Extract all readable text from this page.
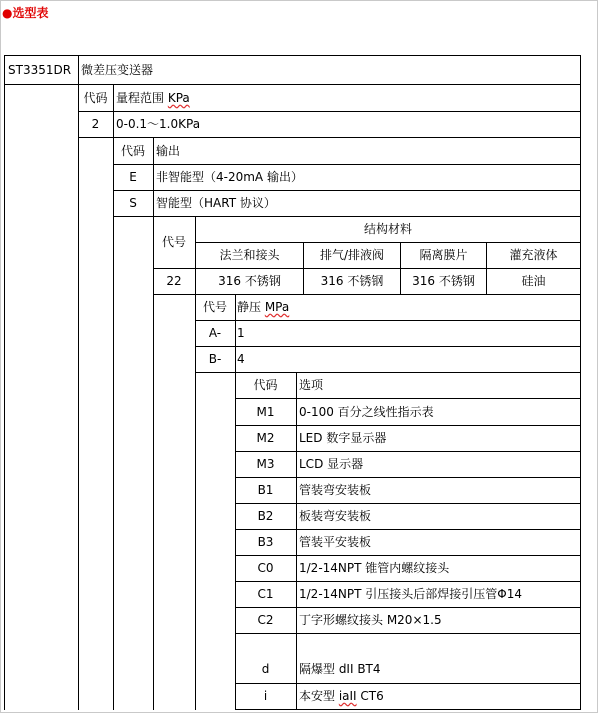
●选型表
ST3351DR 微差压变送器
代码 量程范围 KPa
2	0-0.1～1.0KPa
代码 输出
E	非智能型（4-20mA 输出）
S	智能型（HART 协议）
代号
结构材料
法兰和接头	排气/排液阀	隔离膜片	灌充液体
22	316 不锈钢	316 不锈钢	316 不锈钢	硅油
代号 静压 MPa
A-	1
B-	4
代码	选项
M1	0-100 百分之线性指示表
M2	LED 数字显示器
M3	LCD 显示器
B1	管装弯安装板
B2	板装弯安装板
B3	管装平安装板
C0	1/2-14NPT 锥管内螺纹接头
C1	1/2-14NPT 引压接头后部焊接引压管Φ14
C2	丁字形螺纹接头 M20×1.5
d	隔爆型 dII BT4
i	本安型 iaII CT6
